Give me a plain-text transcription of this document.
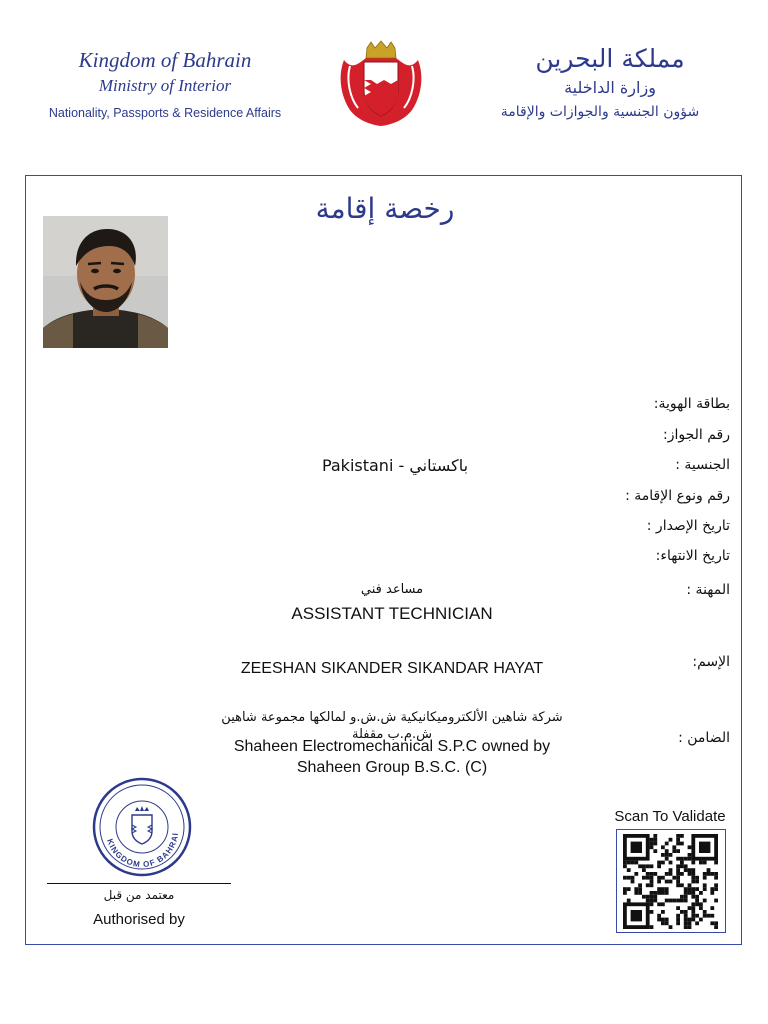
Kingdom of Bahrain
Ministry of Interior
Nationality, Passports & Residence Affairs
مملكة البحرين
وزارة الداخلية
شؤون الجنسية والجوازات والإقامة
رخصة إقامة
بطاقة الهوية:
رقم الجواز:
الجنسية :
رقم ونوع الإقامة :
تاريخ الإصدار :
تاريخ الانتهاء:
المهنة :
الإسم:
الضامن :
Pakistani - باكستاني
مساعد فني
ASSISTANT TECHNICIAN
ZEESHAN SIKANDER SIKANDAR HAYAT
شركة شاهين الألكتروميكانيكية ش.ش.و لمالكها مجموعة شاهين
ش.م.ب مقفلة
Shaheen Electromechanical S.P.C owned by
Shaheen Group B.S.C. (C)
KINGDOM OF BAHRAI
معتمد من قبل
Authorised by
Scan To Validate
